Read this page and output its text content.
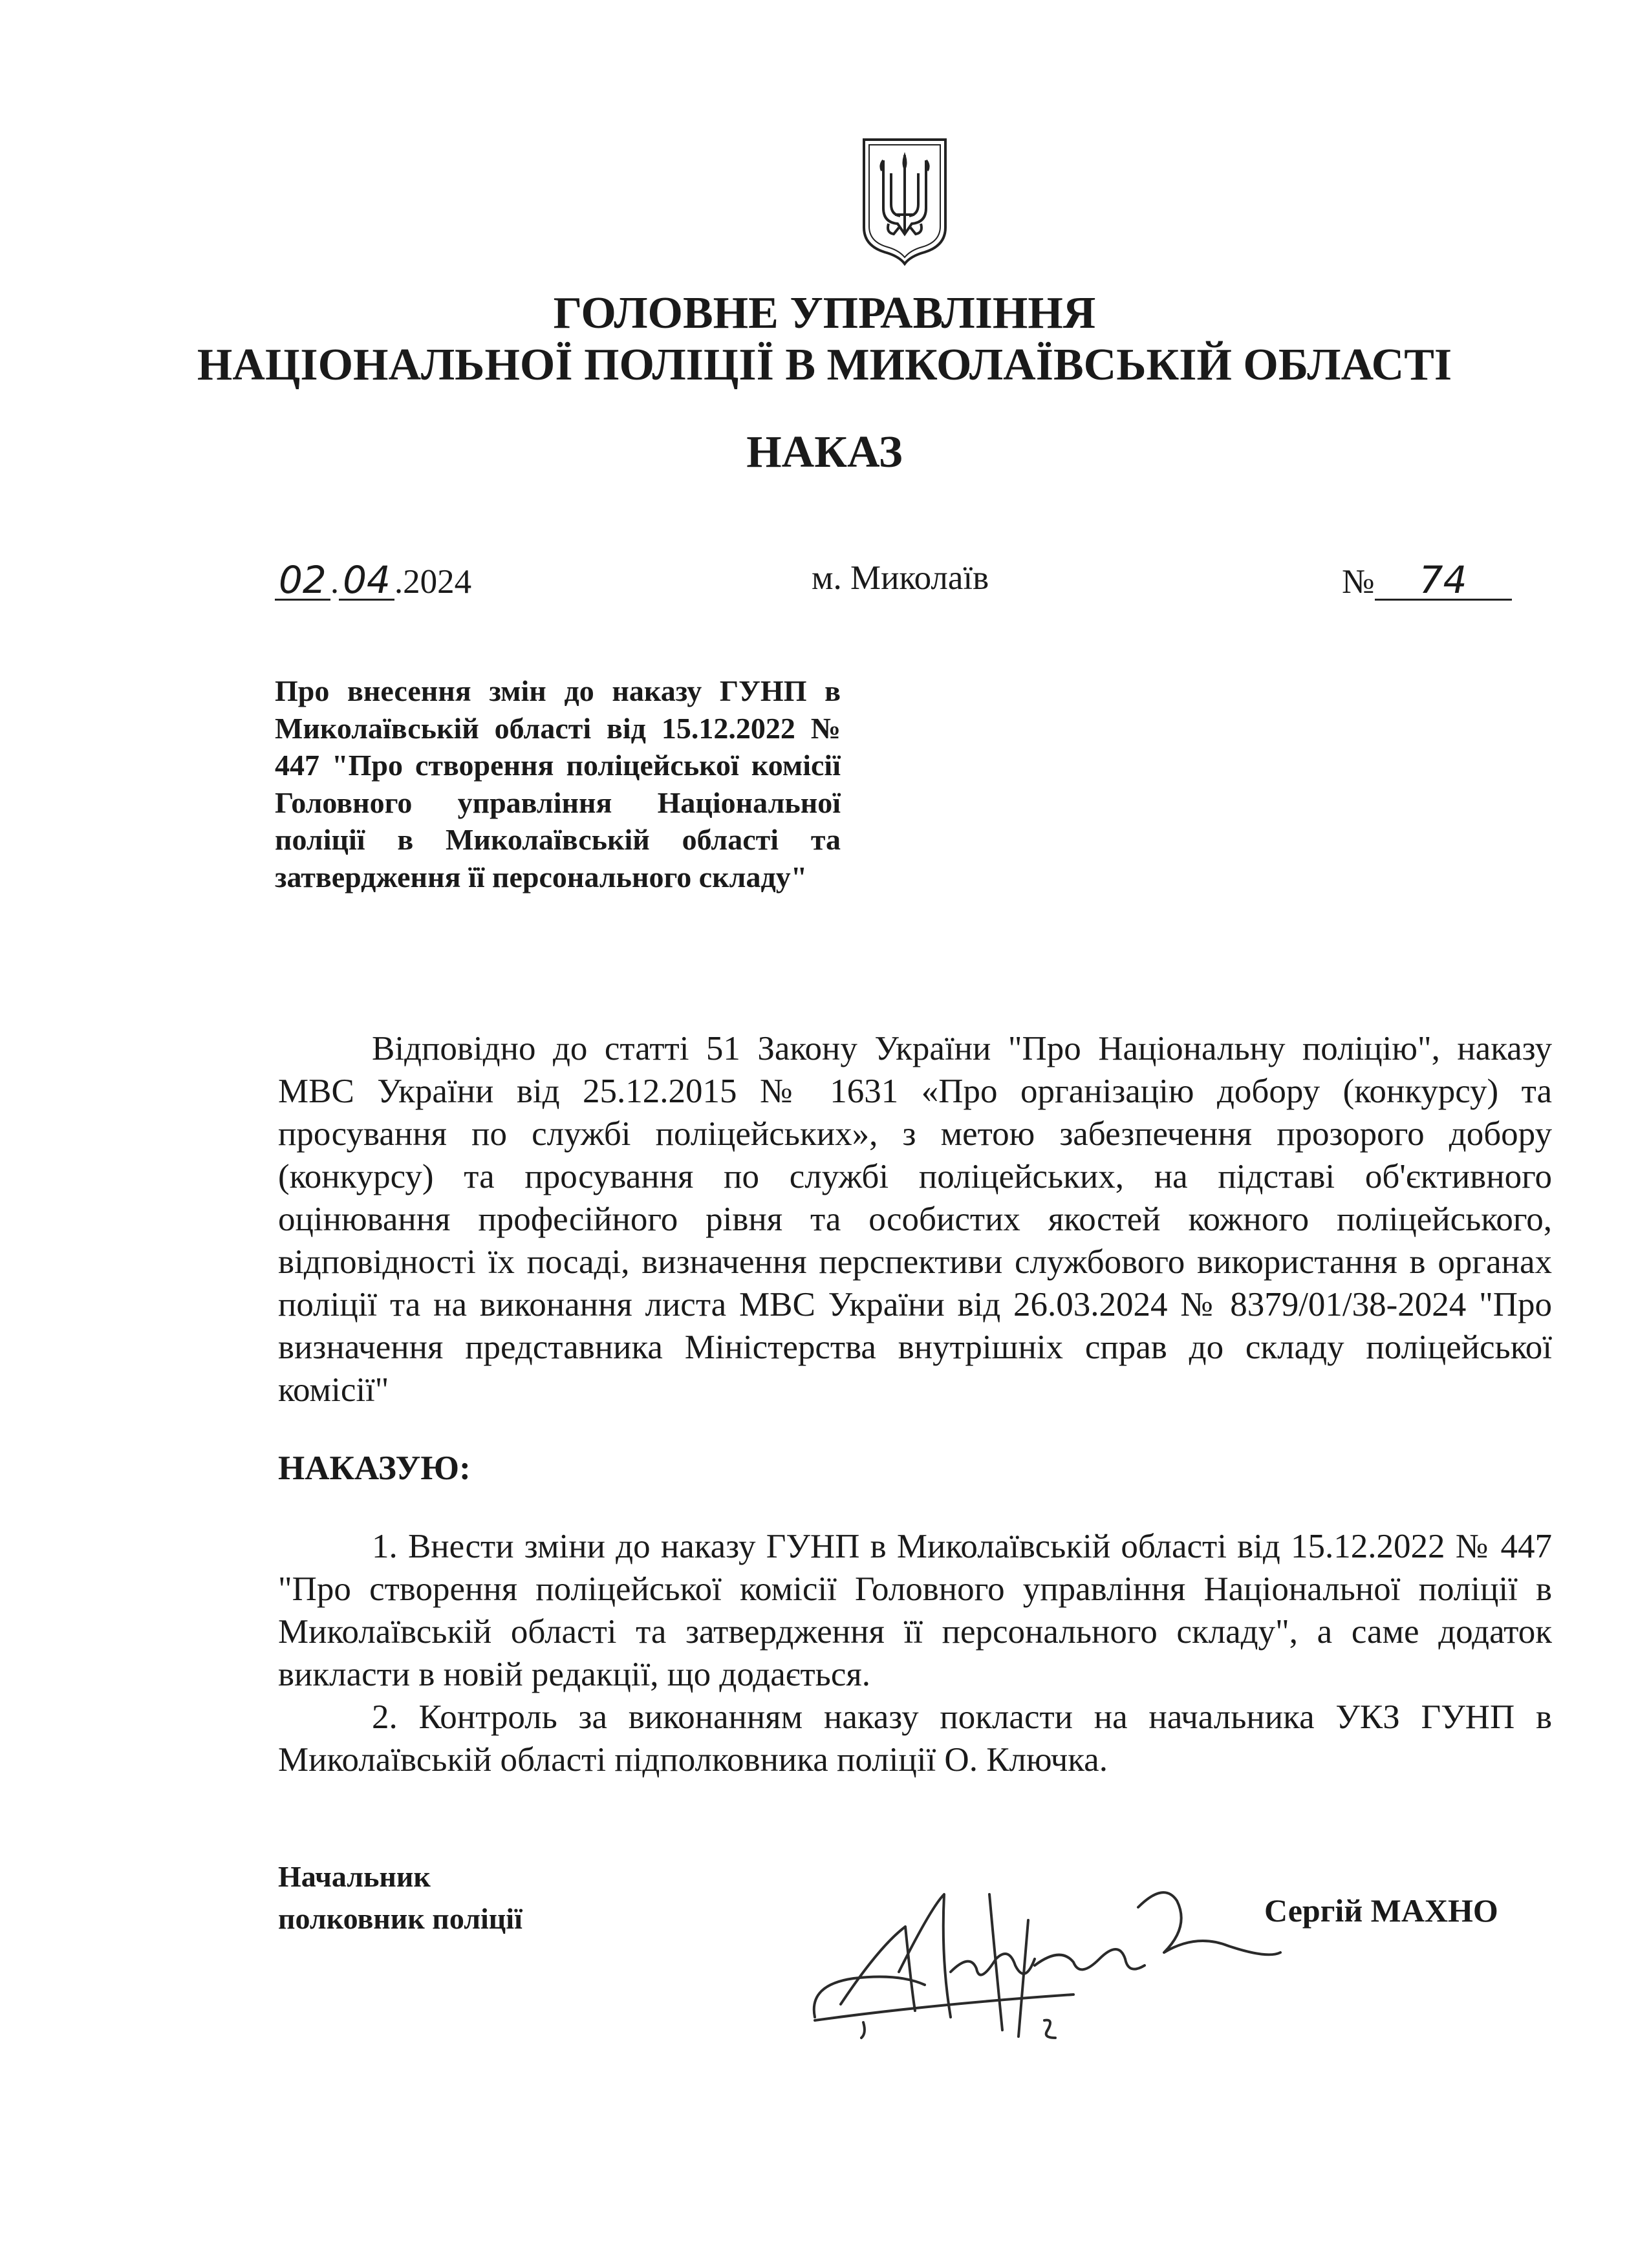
ГОЛОВНЕ УПРАВЛІННЯ
НАЦІОНАЛЬНОЇ ПОЛІЦІЇ В МИКОЛАЇВСЬКІЙ ОБЛАСТІ
НАКАЗ
02 . 04 .2024	м. Миколаїв	№ 74
Про внесення змін до наказу ГУНП в Миколаївській області від 15.12.2022 № 447 "Про створення поліцейської комісії Головного управління Національної поліції в Миколаївській області та затвердження її персонального складу"
Відповідно до статті 51 Закону України "Про Національну поліцію", наказу МВС України від 25.12.2015 № 1631 «Про організацію добору (конкурсу) та просування по службі поліцейських», з метою забезпечення прозорого добору (конкурсу) та просування по службі поліцейських, на підставі об'єктивного оцінювання професійного рівня та особистих якостей кожного поліцейського, відповідності їх посаді, визначення перспективи службового використання в органах поліції та на виконання листа МВС України від 26.03.2024 № 8379/01/38-2024 "Про визначення представника Міністерства внутрішніх справ до складу поліцейської комісії"
НАКАЗУЮ:

1. Внести зміни до наказу ГУНП в Миколаївській області від 15.12.2022 № 447 "Про створення поліцейської комісії Головного управління Національної поліції в Миколаївській області та затвердження її персонального складу", а саме додаток викласти в новій редакції, що додається.

2. Контроль за виконанням наказу покласти на начальника УКЗ ГУНП в Миколаївській області підполковника поліції О. Ключка.

Начальник
полковник поліції	Сергій МАХНО
